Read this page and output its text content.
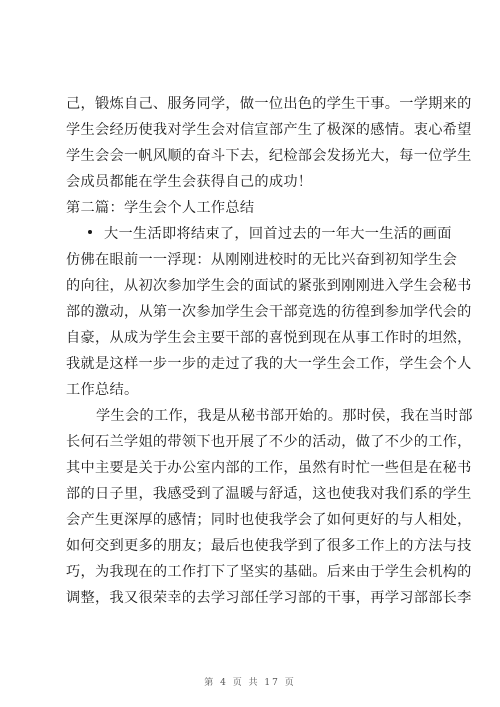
己，锻炼自己、服务同学，做一位出色的学生干事。一学期来的
学生会经历使我对学生会对信宣部产生了极深的感情。衷心希望
学生会会一帆风顺的奋斗下去，纪检部会发扬光大，每一位学生
会成员都能在学生会获得自己的成功！
第二篇：学生会个人工作总结
大一生活即将结束了，回首过去的一年大一生活的画面
仿佛在眼前一一浮现：从刚刚进校时的无比兴奋到初知学生会
的向往，从初次参加学生会的面试的紧张到刚刚进入学生会秘书
部的激动，从第一次参加学生会干部竞选的彷徨到参加学代会的
自豪，从成为学生会主要干部的喜悦到现在从事工作时的坦然，
我就是这样一步一步的走过了我的大一学生会工作，学生会个人
工作总结。
学生会的工作，我是从秘书部开始的。那时侯，我在当时部
长何石兰学姐的带领下也开展了不少的活动，做了不少的工作，
其中主要是关于办公室内部的工作，虽然有时忙一些但是在秘书
部的日子里，我感受到了温暖与舒适，这也使我对我们系的学生
会产生更深厚的感情；同时也使我学会了如何更好的与人相处，
如何交到更多的朋友；最后也使我学到了很多工作上的方法与技
巧，为我现在的工作打下了坚实的基础。后来由于学生会机构的
调整，我又很荣幸的去学习部任学习部的干事，再学习部部长李
第 4 页 共 17 页
